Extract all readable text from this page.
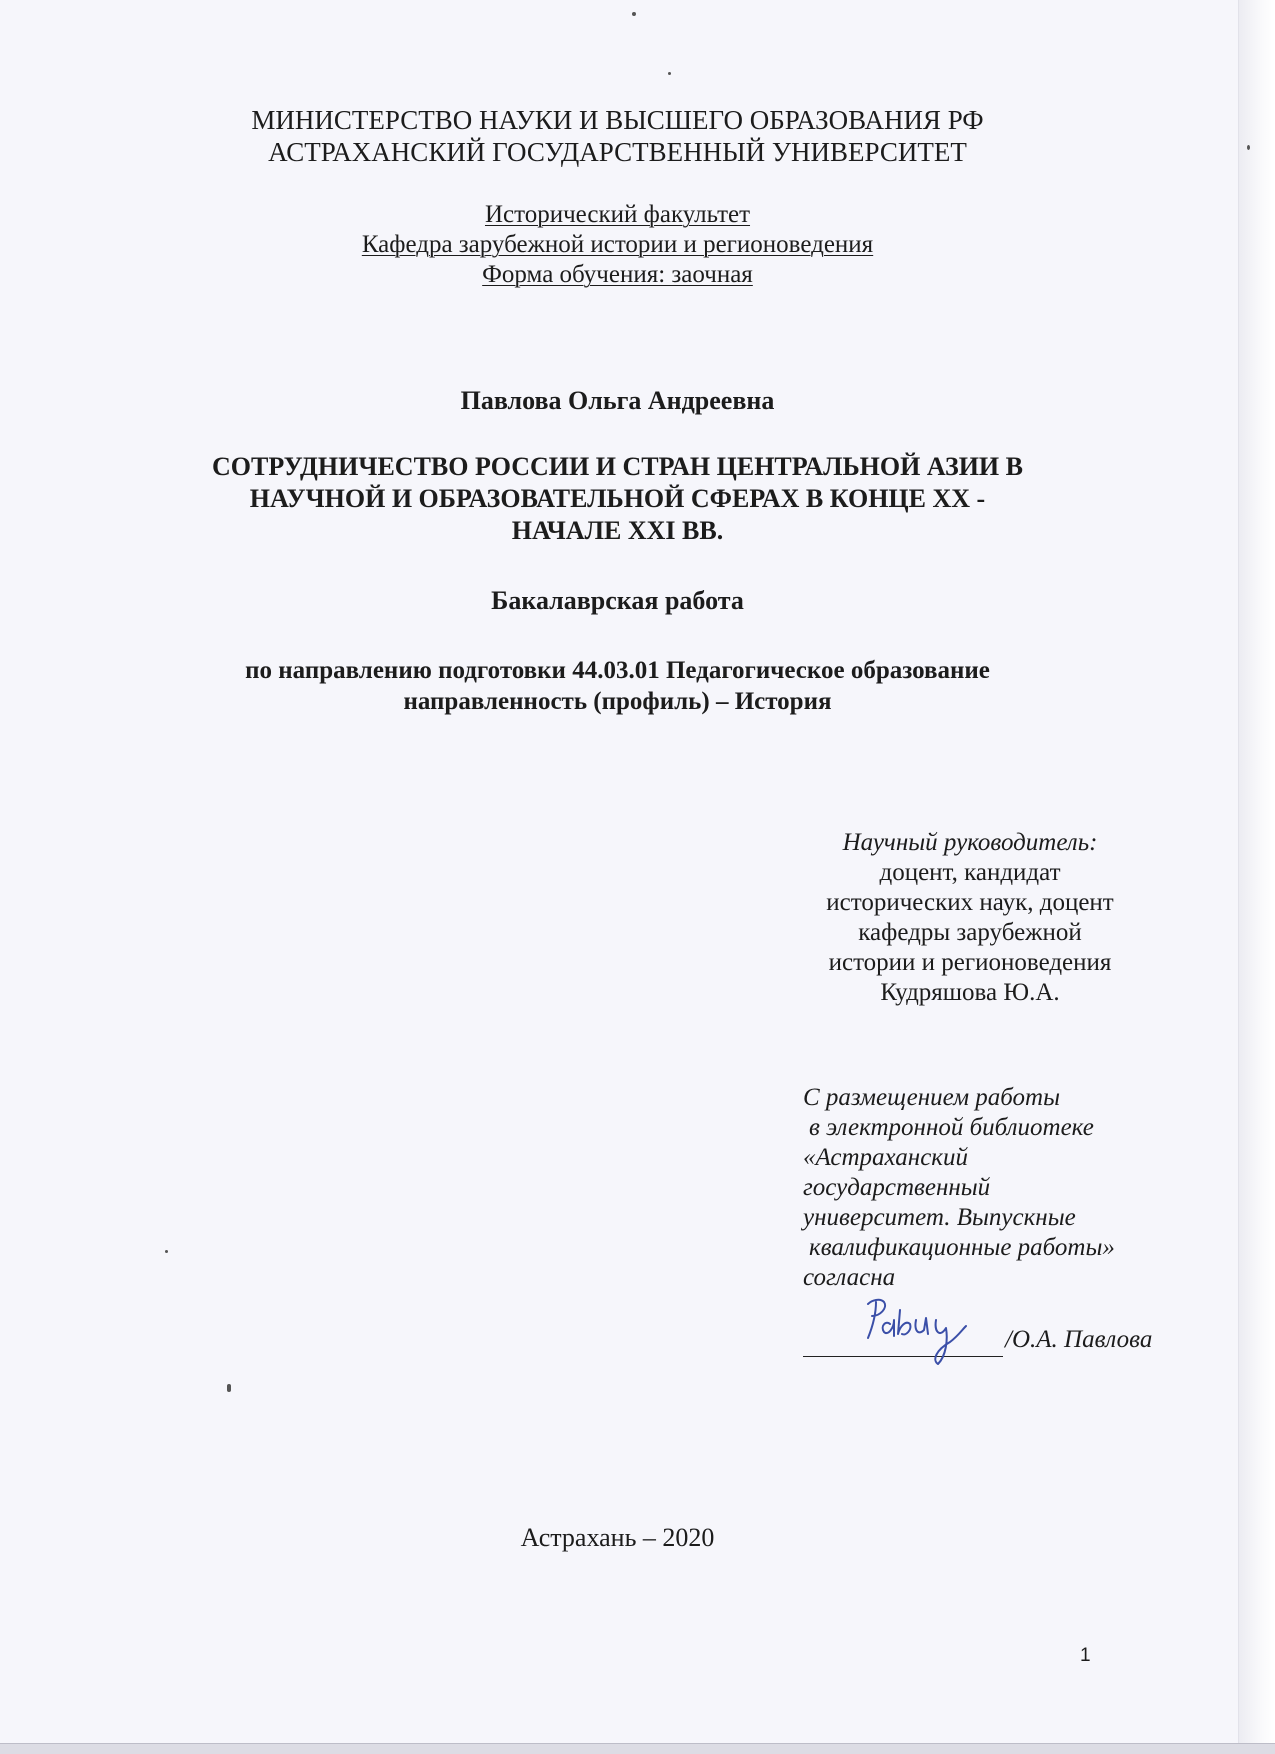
МИНИСТЕРСТВО НАУКИ И ВЫСШЕГО ОБРАЗОВАНИЯ РФ
АСТРАХАНСКИЙ ГОСУДАРСТВЕННЫЙ УНИВЕРСИТЕТ
Исторический факультет
Кафедра зарубежной истории и регионоведения
Форма обучения: заочная
Павлова Ольга Андреевна
СОТРУДНИЧЕСТВО РОССИИ И СТРАН ЦЕНТРАЛЬНОЙ АЗИИ В
НАУЧНОЙ И ОБРАЗОВАТЕЛЬНОЙ СФЕРАХ В КОНЦЕ XX -
НАЧАЛЕ XXI ВВ.
Бакалаврская работа
по направлению подготовки 44.03.01 Педагогическое образование
направленность (профиль) – История
Научный руководитель:
доцент, кандидат
исторических наук, доцент
кафедры зарубежной
истории и регионоведения
Кудряшова Ю.А.
С размещением работы
в электронной библиотеке
«Астраханский
государственный
университет. Выпускные
квалификационные работы»
согласна
/О.А. Павлова
Астрахань – 2020
1
